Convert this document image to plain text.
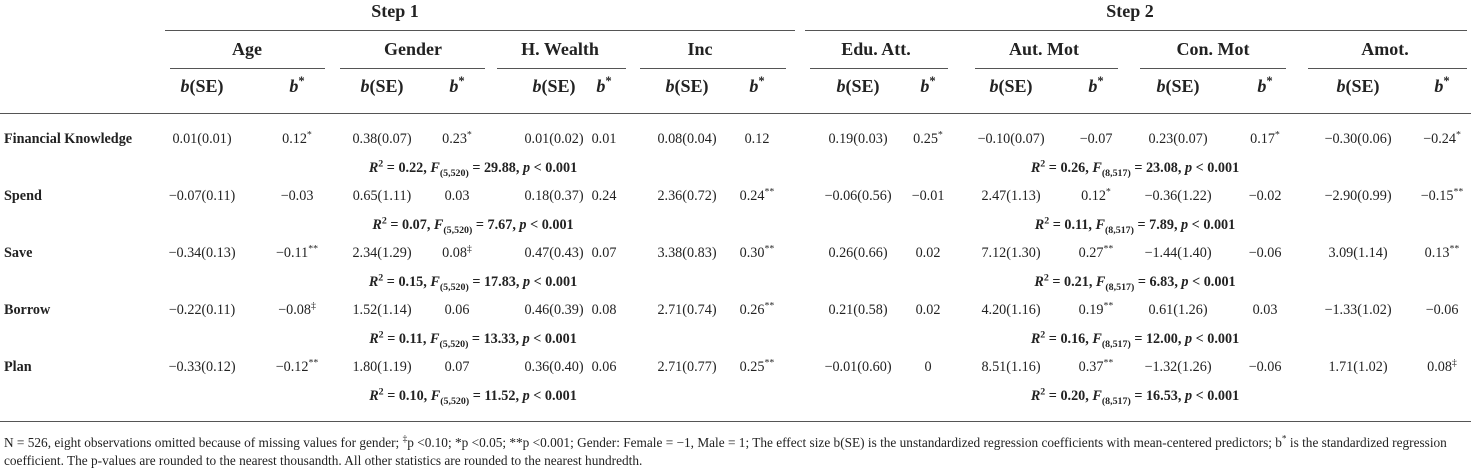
Step 1	Step 2
Age	Gender	H. Wealth	Inc	Edu. Att.	Aut. Mot	Con. Mot	Amot.
b(SE)	b*	b(SE)	b*	b(SE) b*	b(SE) b*	b(SE) b*	b(SE)	b*	b(SE)	b*	b(SE)	b*
Financial Knowledge	0.01(0.01)	0.12*	0.38(0.07) 0.23*	0.01(0.02) 0.01	0.08(0.04) 0.12	0.19(0.03) 0.25* −0.10(0.07) −0.07	0.23(0.07)	0.17*	−0.30(0.06) −0.24*
$R^2 = 0.22$, $F_{(5,520)} = 29.88$, p < 0.001	$R^2 = 0.26$, $F_{(8,517)} = 23.08$, p < 0.001
Spend	−0.07(0.11)	−0.03	0.65(1.11) 0.03	0.18(0.37) 0.24	2.36(0.72) 0.24**	−0.06(0.56) −0.01	2.47(1.13)	0.12* −0.36(1.22)	−0.02	−2.90(0.99) −0.15**
$R^2 = 0.07$, $F_{(5,520)} = 7.67$, p < 0.001	$R^2 = 0.11$, $F_{(8,517)} = 7.89$, p < 0.001
Save	−0.34(0.13)	−0.11** 2.34(1.29) 0.08‡	0.47(0.43) 0.07	3.38(0.83) 0.30**	0.26(0.66) 0.02	7.12(1.30)	0.27** −1.44(1.40)	−0.06	3.09(1.14)	0.13**
$R^2 = 0.15$, $F_{(5,520)} = 17.83$, p < 0.001	$R^2 = 0.21$, $F_{(8,517)} = 6.83$, p < 0.001
Borrow	−0.22(0.11)	−0.08‡	1.52(1.14) 0.06	0.46(0.39) 0.08	2.71(0.74) 0.26**	0.21(0.58) 0.02	4.20(1.16)	0.19** 0.61(1.26)	0.03	−1.33(1.02) −0.06
$R^2 = 0.11$, $F_{(5,520)} = 13.33$, p < 0.001	$R^2 = 0.16$, $F_{(8,517)} = 12.00$, p < 0.001
Plan	−0.33(0.12)	−0.12** 1.80(1.19) 0.07	0.36(0.40) 0.06	2.71(0.77) 0.25**	−0.01(0.60) 0	8.51(1.16)	0.37** −1.32(1.26)	−0.06	1.71(1.02)	0.08‡
$R^2 = 0.10$, $F_{(5,520)} = 11.52$, p < 0.001	$R^2 = 0.20$, $F_{(8,517)} = 16.53$, p < 0.001
N = 526, eight observations omitted because of missing values for gender; ‡p <0.10; *p <0.05; **p <0.001; Gender: Female = −1, Male = 1; The effect size b(SE) is the unstandardized regression coefficients with mean-centered predictors; b* is the standardized regression coefficient. The p-values are rounded to the nearest thousandth. All other statistics are rounded to the nearest hundredth.
